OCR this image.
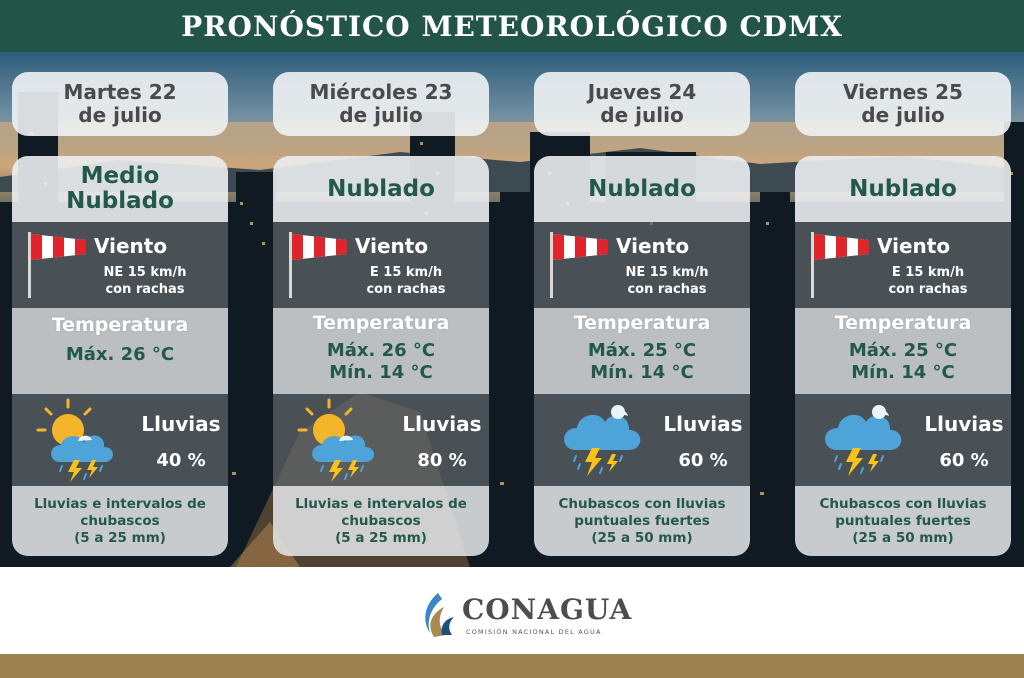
PRONÓSTICO METEOROLÓGICO CDMX
Martes 22
de julio
Medio
Nublado
Viento
NE 15 km/h
con rachas
Temperatura
Máx. 26 °C
Lluvias
40 %
Lluvias e intervalos de
chubascos
(5 a 25 mm)
Miércoles 23
de julio
Nublado
Viento
E 15 km/h
con rachas
Temperatura
Máx. 26 °C
Mín. 14 °C
Lluvias
80 %
Lluvias e intervalos de
chubascos
(5 a 25 mm)
Jueves 24
de julio
Nublado
Viento
NE 15 km/h
con rachas
Temperatura
Máx. 25 °C
Mín. 14 °C
Lluvias
60 %
Chubascos con lluvias
puntuales fuertes
(25 a 50 mm)
Viernes 25
de julio
Nublado
Viento
E 15 km/h
con rachas
Temperatura
Máx. 25 °C
Mín. 14 °C
Lluvias
60 %
Chubascos con lluvias
puntuales fuertes
(25 a 50 mm)
CONAGUA
COMISIÓN NACIONAL DEL AGUA
